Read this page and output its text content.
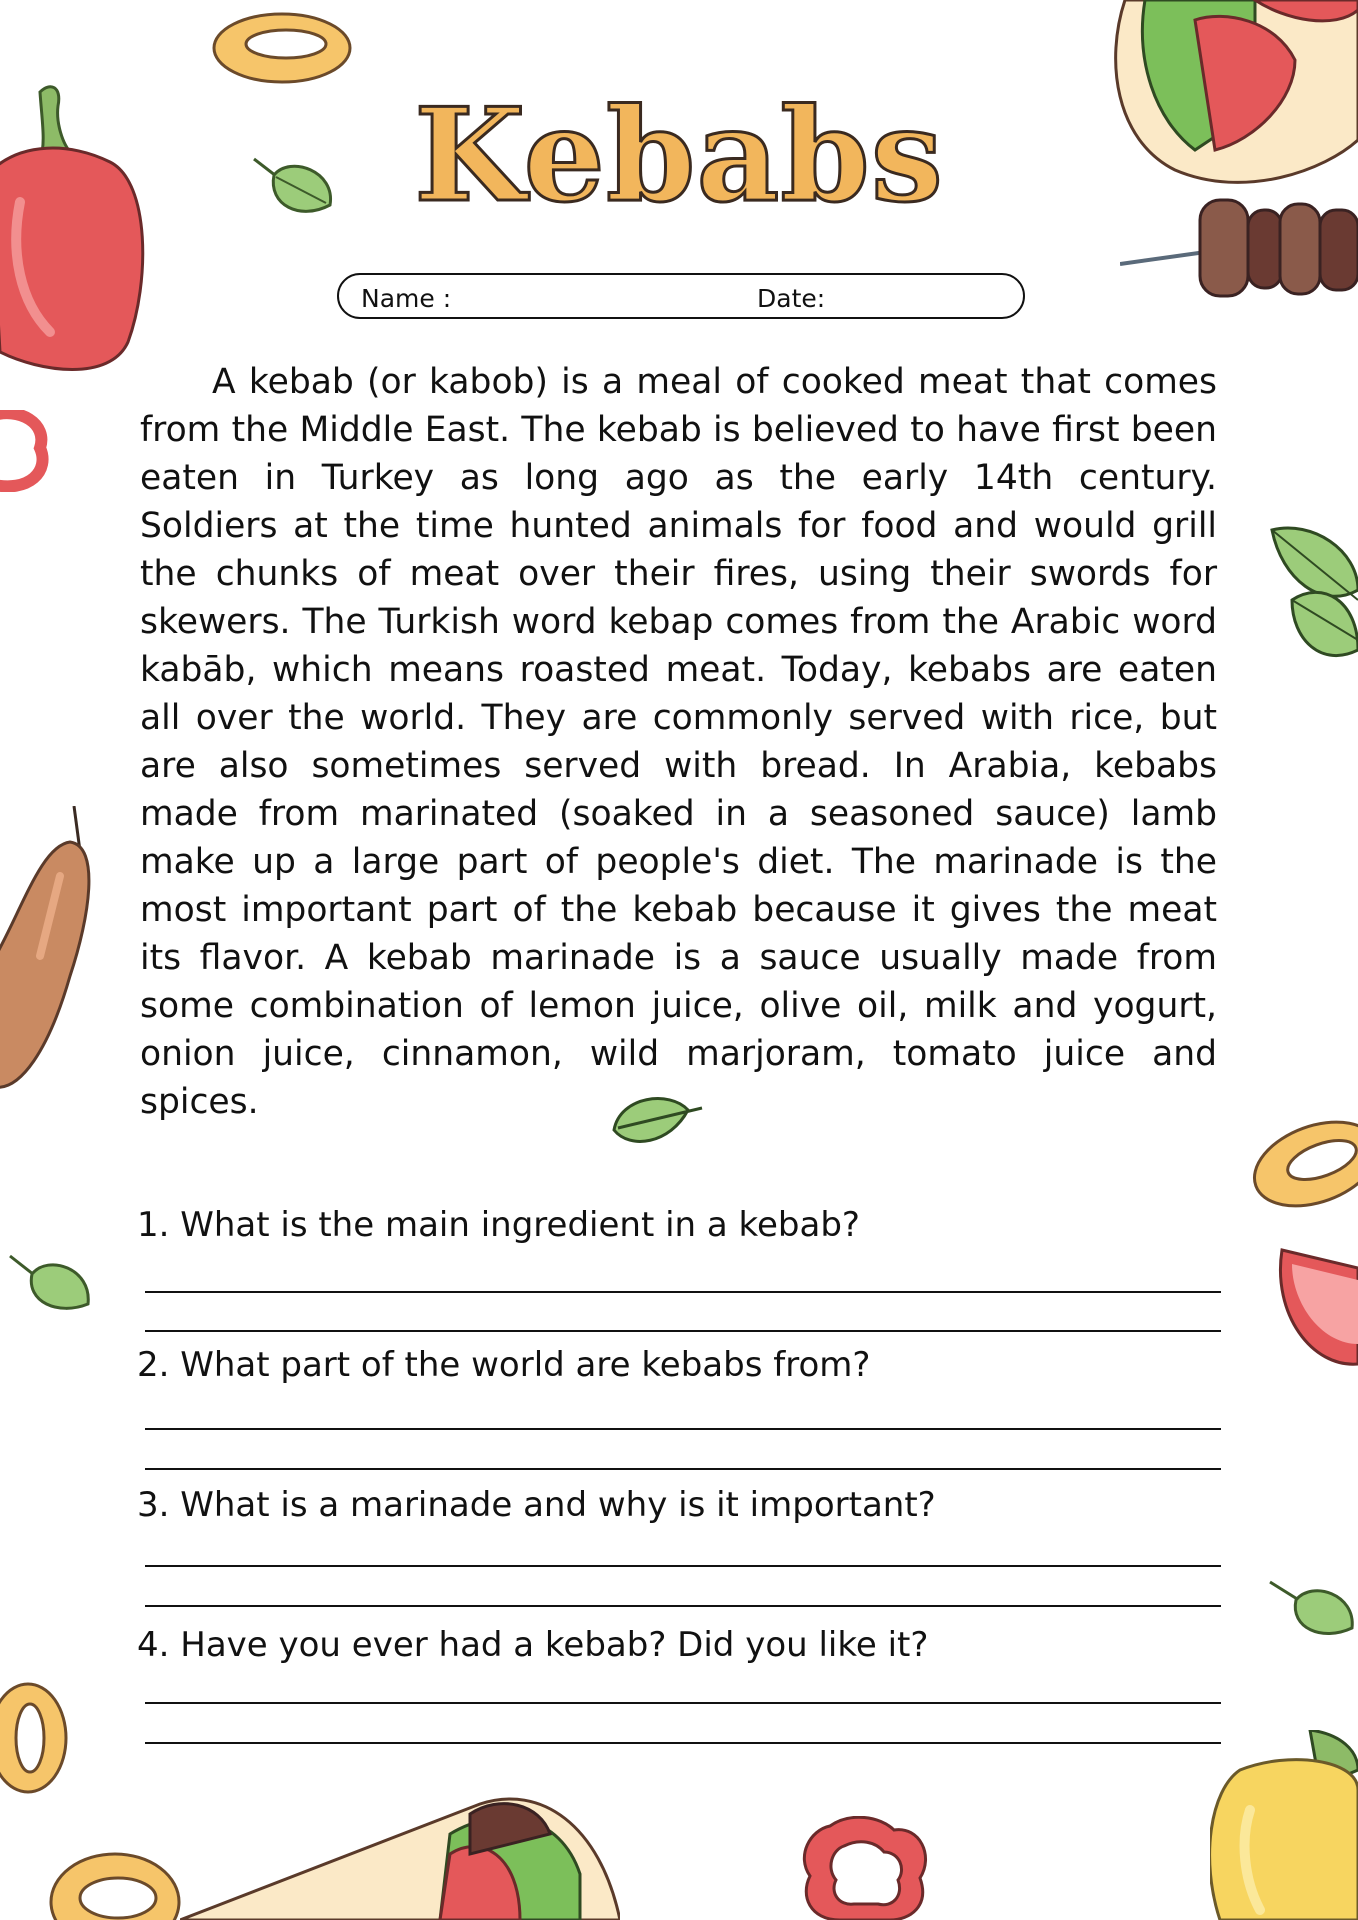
Kebabs
Name :	Date:

A kebab (or kabob) is a meal of cooked meat that comes from the Middle East. The kebab is believed to have first been eaten in Turkey as long ago as the early 14th century. Soldiers at the time hunted animals for food and would grill the chunks of meat over their fires, using their swords for skewers. The Turkish word kebap comes from the Arabic word kabāb, which means roasted meat. Today, kebabs are eaten all over the world. They are commonly served with rice, but are also sometimes served with bread. In Arabia, kebabs made from marinated (soaked in a seasoned sauce) lamb make up a large part of people's diet. The marinade is the most important part of the kebab because it gives the meat its flavor. A kebab marinade is a sauce usually made from some combination of lemon juice, olive oil, milk and yogurt, onion juice, cinnamon, wild marjoram, tomato juice and spices.

1. What is the main ingredient in a kebab?
2. What part of the world are kebabs from?
3. What is a marinade and why is it important?
4. Have you ever had a kebab? Did you like it?
